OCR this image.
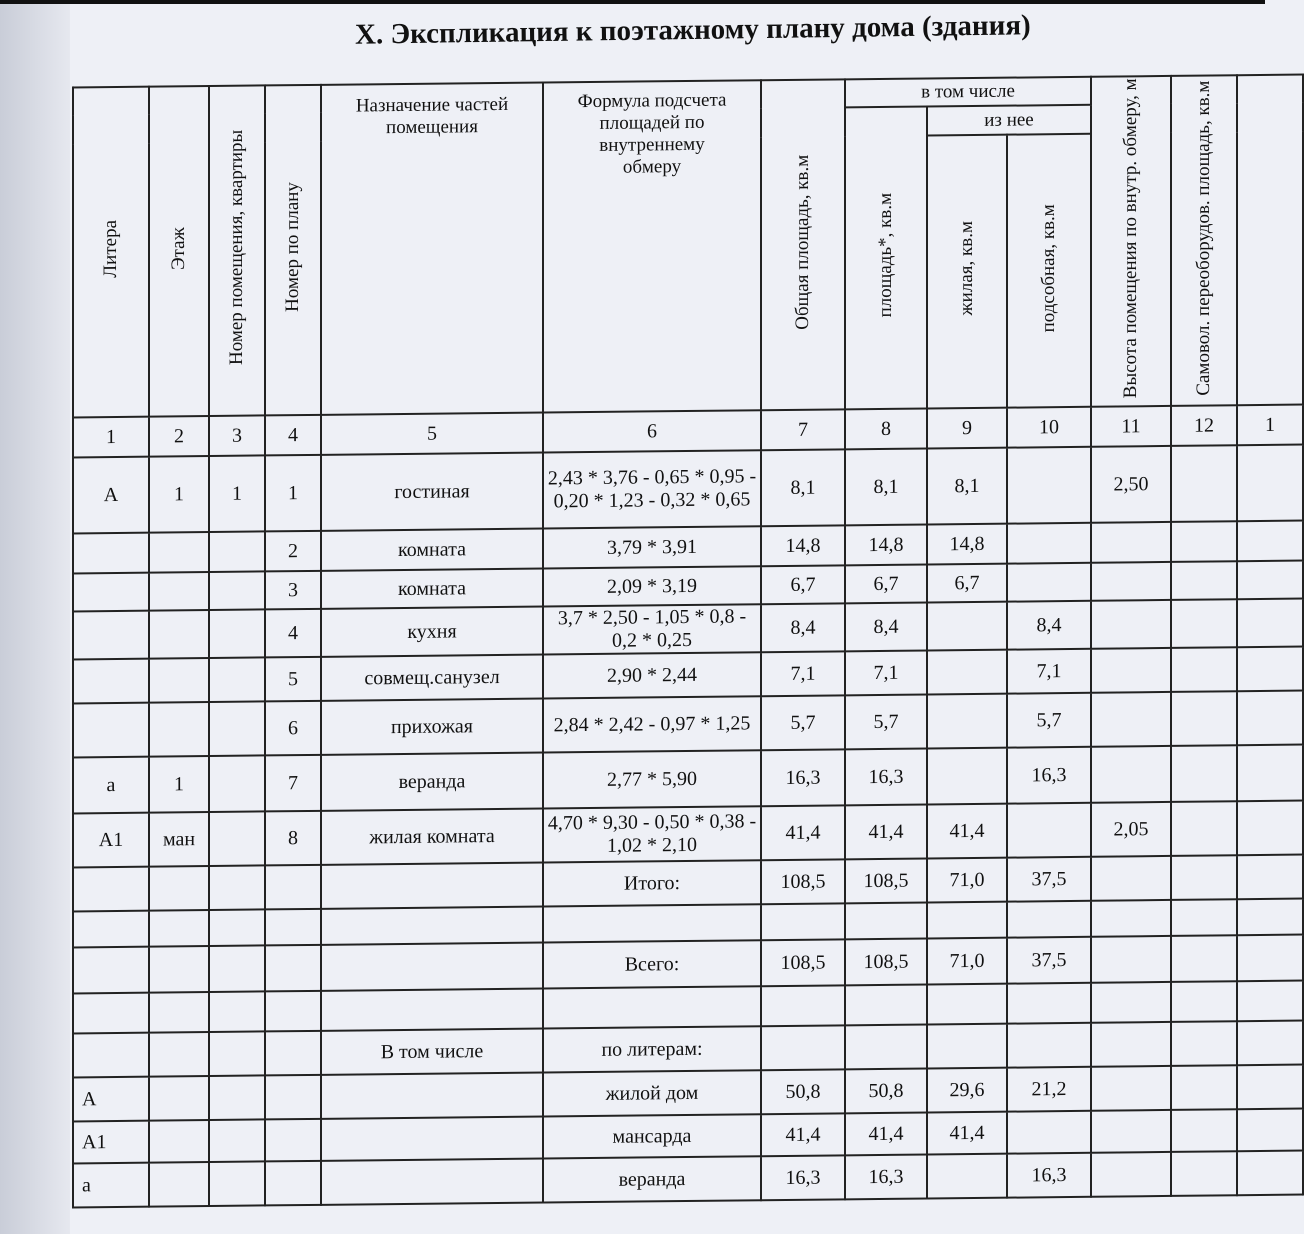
X. Экспликация к поэтажному плану дома (здания)
Литера	Этаж	Номер помещения, квартиры	Номер по плану	Назначение частей помещения	Формула подсчета площадей по внутреннему обмеру	Общая площадь, кв.м	в том числе			Высота помещения по внутр. обмеру, м	Самовол. переоборудов. площадь, кв.м	
							площадь*, кв.м	из нее				
								жилая, кв.м	подсобная, кв.м			
1	2	3	4	5	6	7	8	9	10	11	12	1
А	1	1	1	гостиная	2,43 * 3,76 - 0,65 * 0,95 - 0,20 * 1,23 - 0,32 * 0,65	8,1	8,1	8,1		2,50		
			2	комната	3,79 * 3,91	14,8	14,8	14,8				
			3	комната	2,09 * 3,19	6,7	6,7	6,7				
			4	кухня	3,7 * 2,50 - 1,05 * 0,8 - 0,2 * 0,25	8,4	8,4		8,4			
			5	совмещ.санузел	2,90 * 2,44	7,1	7,1		7,1			
			6	прихожая	2,84 * 2,42 - 0,97 * 1,25	5,7	5,7		5,7			
а	1		7	веранда	2,77 * 5,90	16,3	16,3		16,3			
А1	ман		8	жилая комната	4,70 * 9,30 - 0,50 * 0,38 - 1,02 * 2,10	41,4	41,4	41,4		2,05		
					Итого:	108,5	108,5	71,0	37,5			

					Всего:	108,5	108,5	71,0	37,5			

				В том числе	по литерам:							
А					жилой дом	50,8	50,8	29,6	21,2			
А1					мансарда	41,4	41,4	41,4				
а					веранда	16,3	16,3		16,3			
